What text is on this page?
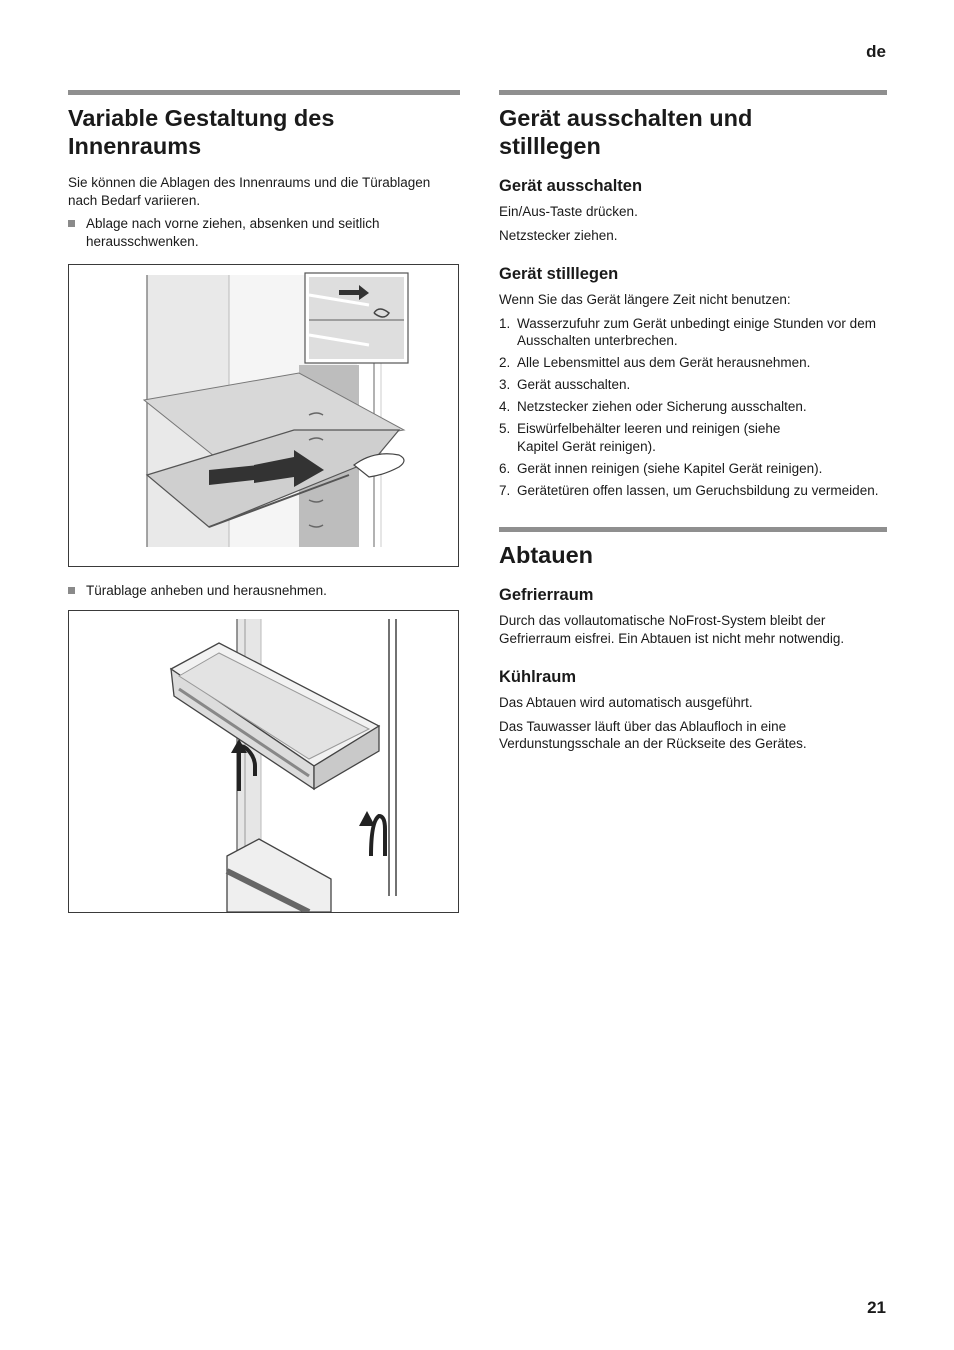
de
Variable Gestaltung des Innenraums

Sie können die Ablagen des Innenraums und die Türablagen nach Bedarf variieren.

Ablage nach vorne ziehen, absenken und seitlich herausschwenken.
Türablage anheben und herausnehmen.
Gerät ausschalten und stilllegen
Gerät ausschalten

Ein/Aus-Taste drücken.

Netzstecker ziehen.

Gerät stilllegen

Wenn Sie das Gerät längere Zeit nicht benutzen:

1. Wasserzufuhr zum Gerät unbedingt einige Stunden vor dem Ausschalten unterbrechen.
2. Alle Lebensmittel aus dem Gerät herausnehmen.
3. Gerät ausschalten.
4. Netzstecker ziehen oder Sicherung ausschalten.
5. Eiswürfelbehälter leeren und reinigen (siehe Kapitel Gerät reinigen).
6. Gerät innen reinigen (siehe Kapitel Gerät reinigen).
7. Gerätetüren offen lassen, um Geruchsbildung zu vermeiden.
Abtauen
Gefrierraum

Durch das vollautomatische NoFrost-System bleibt der Gefrierraum eisfrei. Ein Abtauen ist nicht mehr notwendig.

Kühlraum

Das Abtauen wird automatisch ausgeführt.

Das Tauwasser läuft über das Ablaufloch in eine Verdunstungsschale an der Rückseite des Gerätes.

21
